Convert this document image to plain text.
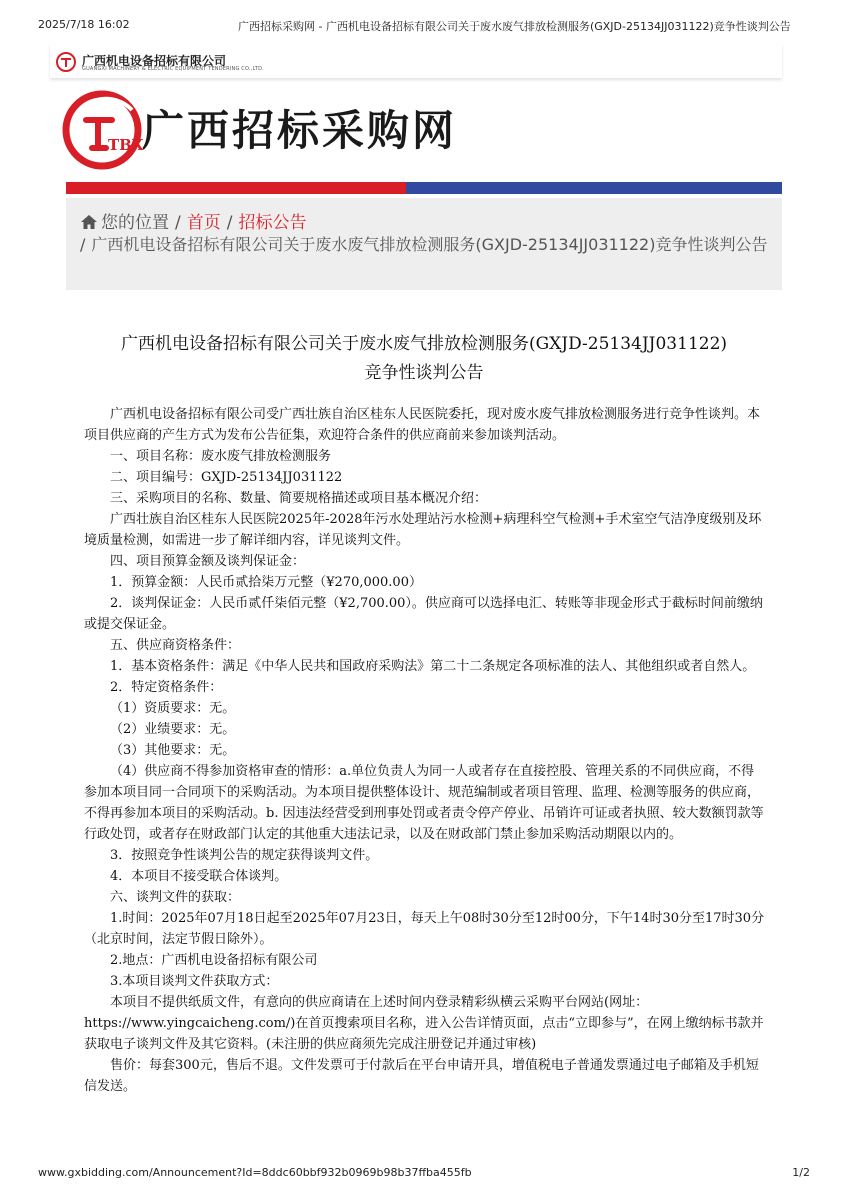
2025/7/18 16:02	广西招标采购网 - 广西机电设备招标有限公司关于废水废气排放检测服务(GXJD-25134JJ031122)竞争性谈判公告
广西机电设备招标有限公司
GUANGXI MACHINERY & ELECTRIC EQUIPMENT TENDERING CO.,LTD.
TBX
广西招标采购网
您的位置 / 首页 / 招标公告
/ 广西机电设备招标有限公司关于废水废气排放检测服务(GXJD-25134JJ031122)竞争性谈判公告
广西机电设备招标有限公司关于废水废气排放检测服务(GXJD-25134JJ031122)
竞争性谈判公告

广西机电设备招标有限公司受广西壮族自治区桂东人民医院委托，现对废水废气排放检测服务进行竞争性谈判。本项目供应商的产生方式为发布公告征集，欢迎符合条件的供应商前来参加谈判活动。

一、项目名称：废水废气排放检测服务

二、项目编号：GXJD-25134JJ031122

三、采购项目的名称、数量、简要规格描述或项目基本概况介绍：

广西壮族自治区桂东人民医院2025年-2028年污水处理站污水检测+病理科空气检测+手术室空气洁净度级别及环境质量检测，如需进一步了解详细内容，详见谈判文件。

四、项目预算金额及谈判保证金：

1．预算金额：人民币贰拾柒万元整（¥270,000.00）

2．谈判保证金：人民币贰仟柒佰元整（¥2,700.00）。供应商可以选择电汇、转账等非现金形式于截标时间前缴纳或提交保证金。

五、供应商资格条件：

1．基本资格条件：满足《中华人民共和国政府采购法》第二十二条规定各项标准的法人、其他组织或者自然人。

2．特定资格条件：

（1）资质要求：无。

（2）业绩要求：无。

（3）其他要求：无。

（4）供应商不得参加资格审查的情形：a.单位负责人为同一人或者存在直接控股、管理关系的不同供应商，不得参加本项目同一合同项下的采购活动。为本项目提供整体设计、规范编制或者项目管理、监理、检测等服务的供应商，不得再参加本项目的采购活动。b. 因违法经营受到刑事处罚或者责令停产停业、吊销许可证或者执照、较大数额罚款等行政处罚，或者存在财政部门认定的其他重大违法记录，以及在财政部门禁止参加采购活动期限以内的。

3．按照竞争性谈判公告的规定获得谈判文件。

4．本项目不接受联合体谈判。

六、谈判文件的获取：

1.时间：2025年07月18日起至2025年07月23日，每天上午08时30分至12时00分，下午14时30分至17时30分（北京时间，法定节假日除外）。

2.地点：广西机电设备招标有限公司

3.本项目谈判文件获取方式：

本项目不提供纸质文件，有意向的供应商请在上述时间内登录精彩纵横云采购平台网站(网址：https://www.yingcaicheng.com/)在首页搜索项目名称，进入公告详情页面，点击“立即参与”，在网上缴纳标书款并获取电子谈判文件及其它资料。(未注册的供应商须先完成注册登记并通过审核)

售价：每套300元，售后不退。文件发票可于付款后在平台申请开具，增值税电子普通发票通过电子邮箱及手机短信发送。

www.gxbidding.com/Announcement?Id=8ddc60bbf932b0969b98b37ffba455fb	1/2
